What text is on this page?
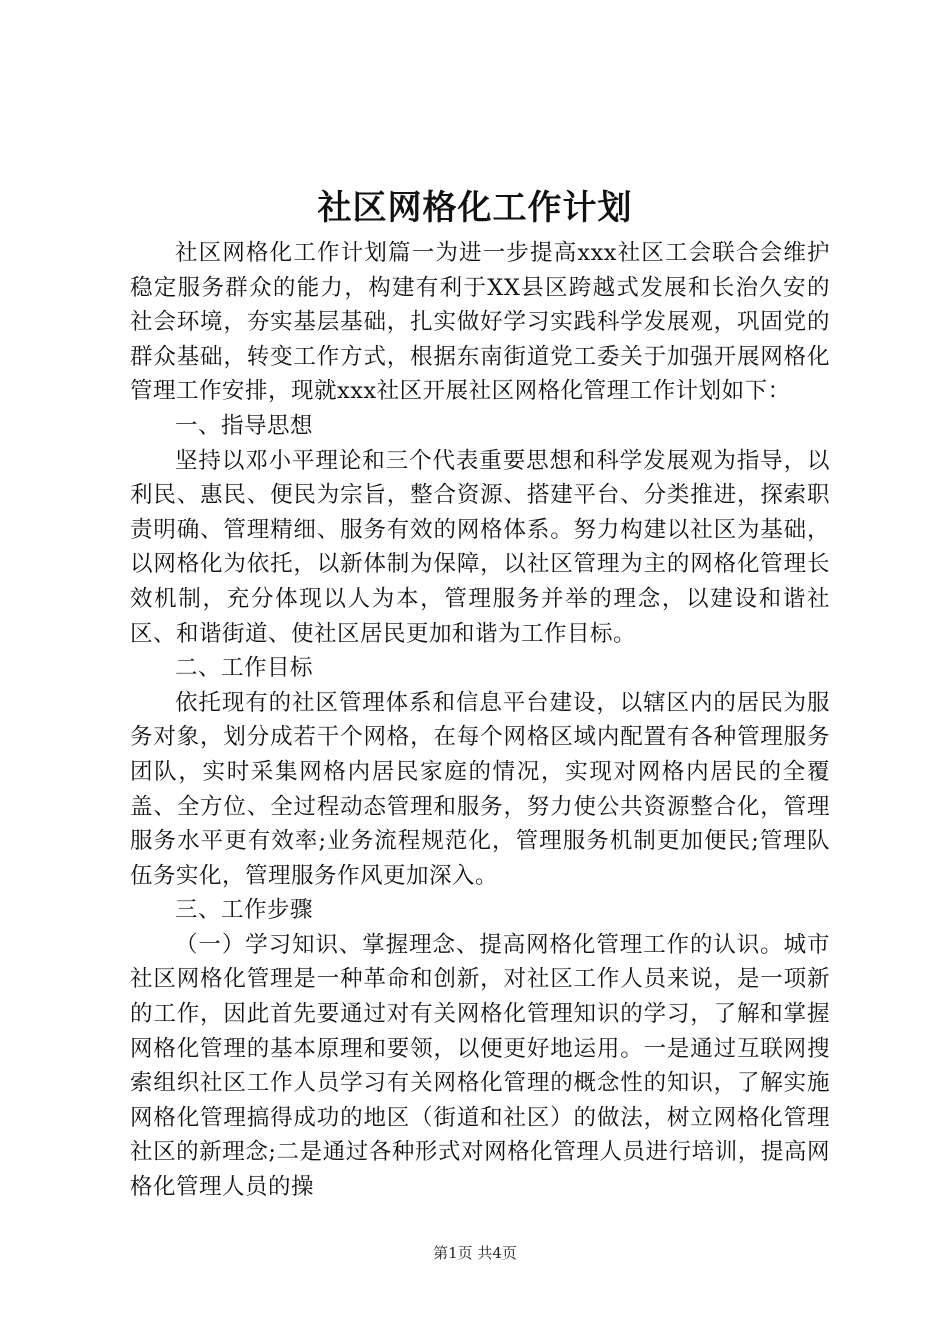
社区网格化工作计划

社区网格化工作计划篇一为进一步提高xxx社区工会联合会维护稳定服务群众的能力，构建有利于XX县区跨越式发展和长治久安的社会环境，夯实基层基础，扎实做好学习实践科学发展观，巩固党的群众基础，转变工作方式，根据东南街道党工委关于加强开展网格化管理工作安排，现就xxx社区开展社区网格化管理工作计划如下：

一、指导思想

坚持以邓小平理论和三个代表重要思想和科学发展观为指导，以利民、惠民、便民为宗旨，整合资源、搭建平台、分类推进，探索职责明确、管理精细、服务有效的网格体系。努力构建以社区为基础，以网格化为依托，以新体制为保障，以社区管理为主的网格化管理长效机制，充分体现以人为本，管理服务并举的理念，以建设和谐社区、和谐街道、使社区居民更加和谐为工作目标。

二、工作目标

依托现有的社区管理体系和信息平台建设，以辖区内的居民为服务对象，划分成若干个网格，在每个网格区域内配置有各种管理服务团队，实时采集网格内居民家庭的情况，实现对网格内居民的全覆盖、全方位、全过程动态管理和服务，努力使公共资源整合化，管理服务水平更有效率;业务流程规范化，管理服务机制更加便民;管理队伍务实化，管理服务作风更加深入。

三、工作步骤

（一）学习知识、掌握理念、提高网格化管理工作的认识。城市社区网格化管理是一种革命和创新，对社区工作人员来说，是一项新的工作，因此首先要通过对有关网格化管理知识的学习，了解和掌握网格化管理的基本原理和要领，以便更好地运用。一是通过互联网搜索组织社区工作人员学习有关网格化管理的概念性的知识，了解实施网格化管理搞得成功的地区（街道和社区）的做法，树立网格化管理社区的新理念;二是通过各种形式对网格化管理人员进行培训，提高网格化管理人员的操

第1页 共4页
